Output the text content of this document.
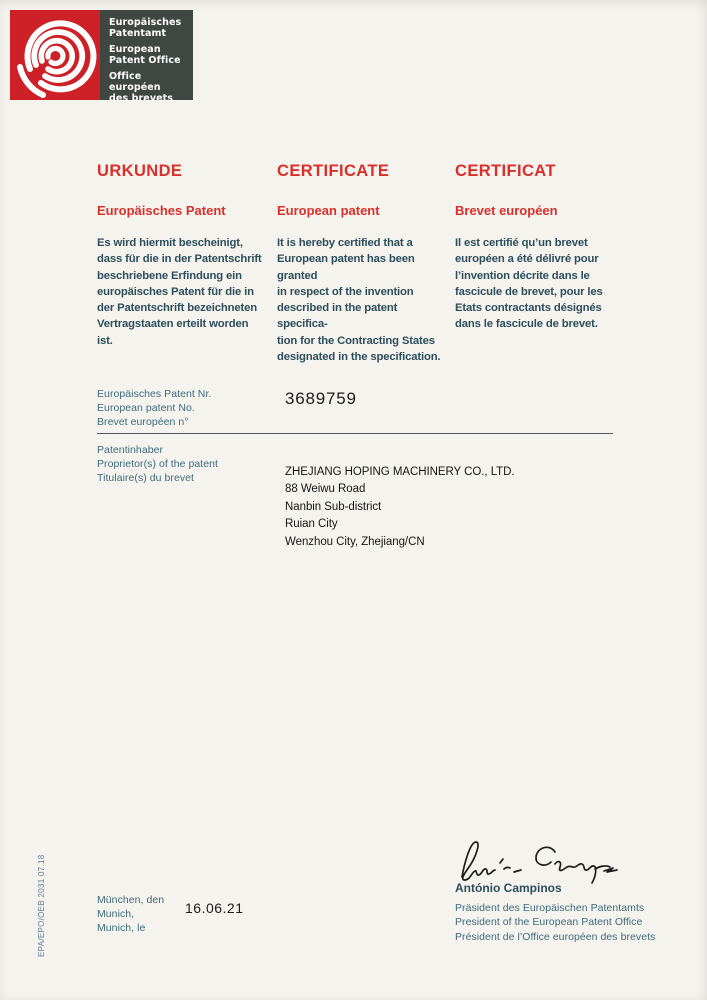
Europäisches
Patentamt
European
Patent Office
Office européen
des brevets
URKUNDE
Europäisches Patent
Es wird hiermit bescheinigt,
dass für die in der Patentschrift
beschriebene Erfindung ein
europäisches Patent für die in
der Patentschrift bezeichneten
Vertragstaaten erteilt worden ist.
CERTIFICATE
European patent
It is hereby certified that a
European patent has been granted
in respect of the invention
described in the patent specifica-
tion for the Contracting States
designated in the specification.
CERTIFICAT
Brevet européen
Il est certifié qu’un brevet
européen a été délivré pour
l’invention décrite dans le
fascicule de brevet, pour les
Etats contractants désignés
dans le fascicule de brevet.
Europäisches Patent Nr.
European patent No.
Brevet européen n°
3689759
Patentinhaber
Proprietor(s) of the patent
Titulaire(s) du brevet	ZHEJIANG HOPING MACHINERY CO., LTD.
88 Weiwu Road
Nanbin Sub-district
Ruian City
Wenzhou City, Zhejiang/CN
António Campinos
Präsident des Europäischen Patentamts
President of the European Patent Office
Président de l’Office européen des brevets
München, den
Munich,
Munich, le
16.06.21
EPA/EPO/OEB 2031 07.18
